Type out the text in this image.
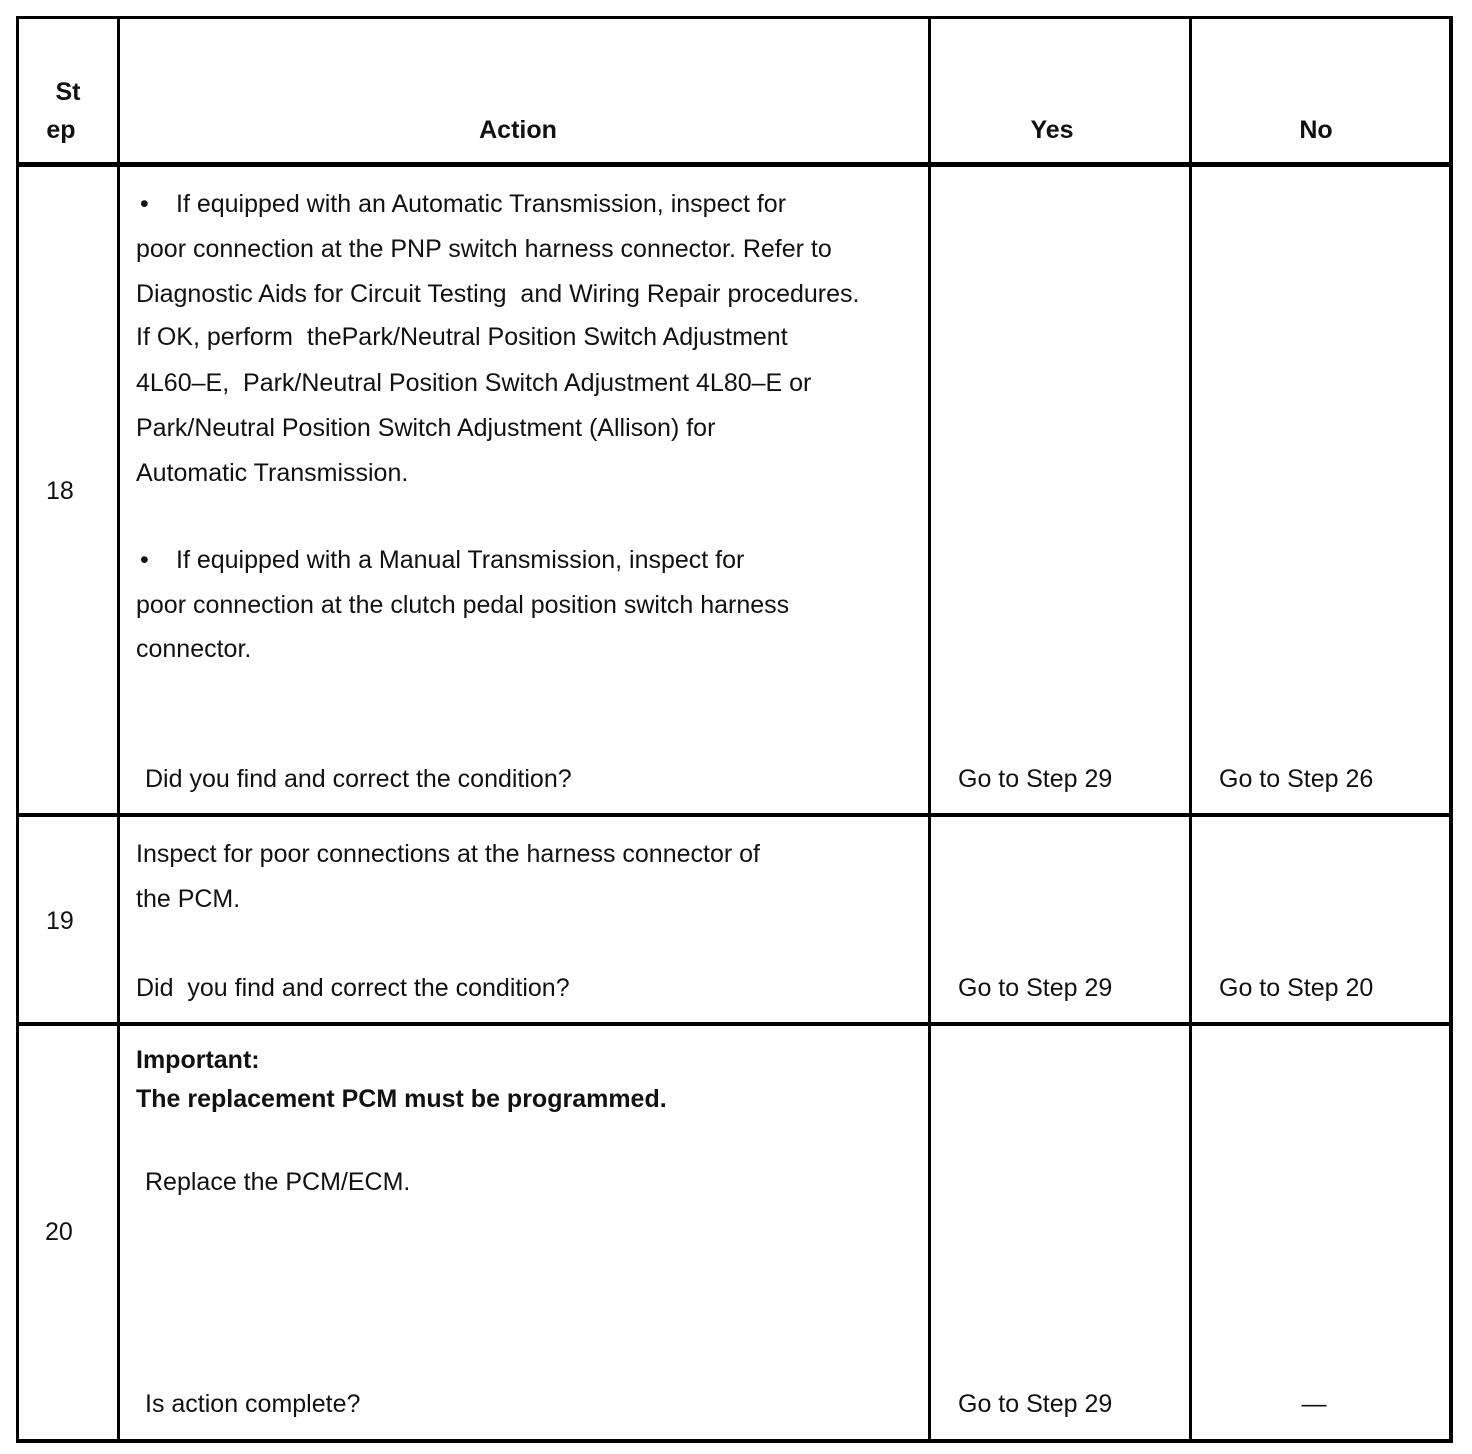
St
ep	Action	Yes	No
18
• If equipped with an Automatic Transmission, inspect for
poor connection at the PNP switch harness connector. Refer to
Diagnostic Aids for Circuit Testing  and Wiring Repair procedures.
If OK, perform  thePark/Neutral Position Switch Adjustment
4L60–E,  Park/Neutral Position Switch Adjustment 4L80–E or
Park/Neutral Position Switch Adjustment (Allison) for
Automatic Transmission.
• If equipped with a Manual Transmission, inspect for
poor connection at the clutch pedal position switch harness
connector.
Did you find and correct the condition?	Go to Step 29	Go to Step 26
19
Inspect for poor connections at the harness connector of
the PCM.
Did  you find and correct the condition?	Go to Step 29	Go to Step 20
20
Important:
The replacement PCM must be programmed.
Replace the PCM/ECM.
Is action complete?	Go to Step 29	—
